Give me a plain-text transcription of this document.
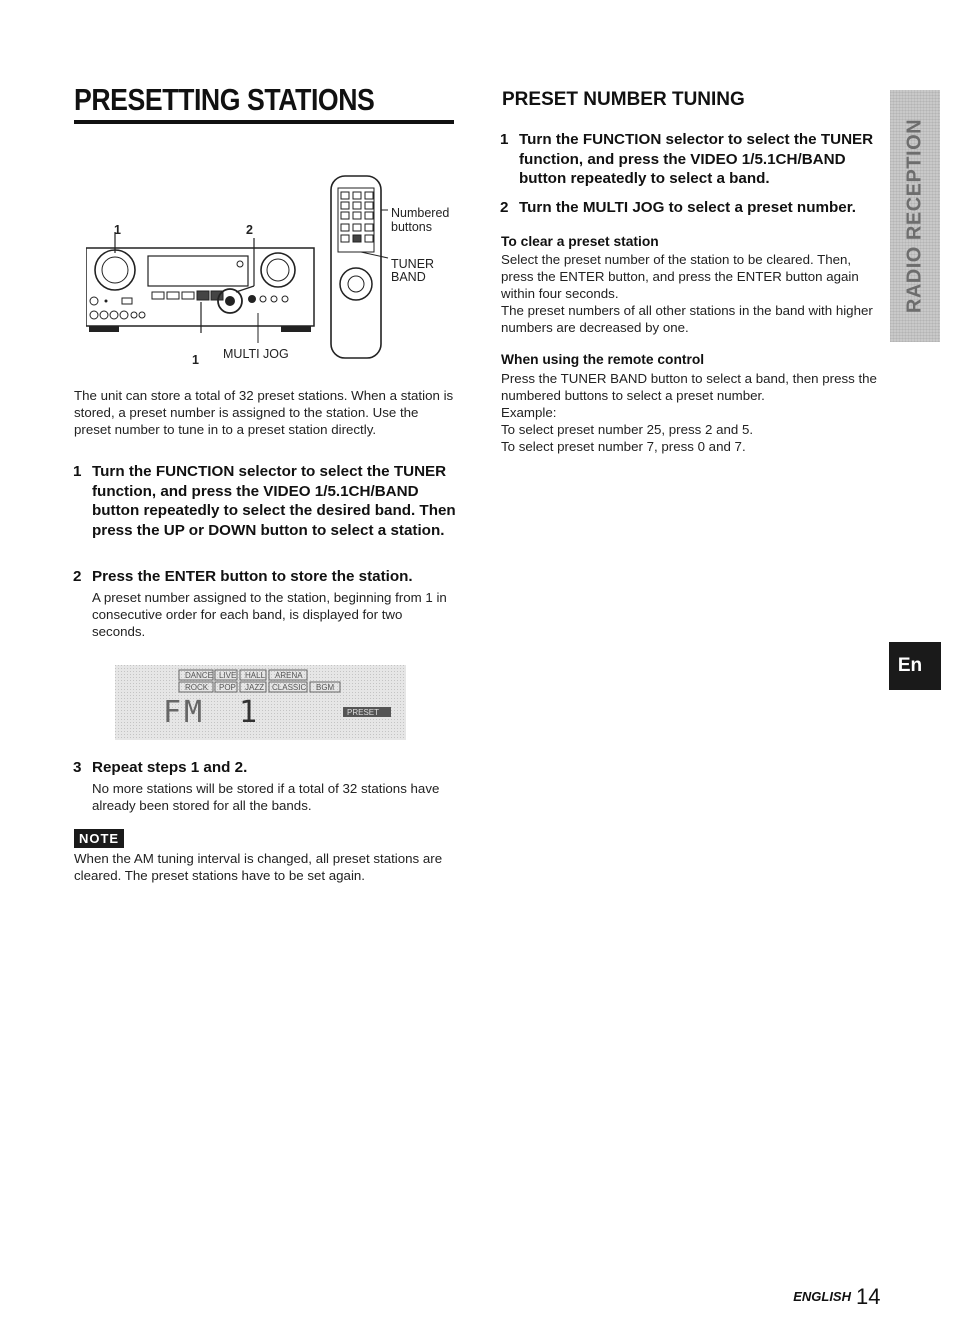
PRESETTING STATIONS
1	2
1
Numbered
buttons
TUNER
BAND
MULTI JOG

The unit can store a total of 32 preset stations. When a station is stored, a preset number is assigned to the station. Use the preset number to tune in to a preset station directly.

1 Turn the FUNCTION selector to select the TUNER function, and press the VIDEO 1/5.1CH/BAND button repeatedly to select the desired band. Then press the UP or DOWN button to select a station.

2 Press the ENTER button to store the station.

A preset number assigned to the station, beginning from 1 in consecutive order for each band, is displayed for two seconds.

DANCE LIVE HALL ARENA
ROCK POP JAZZ CLASSIC BGM
FM 1	PRESET
3 Repeat steps 1 and 2.

No more stations will be stored if a total of 32 stations have already been stored for all the bands.

NOTE

When the AM tuning interval is changed, all preset stations are cleared. The preset stations have to be set again.

PRESET NUMBER TUNING
1 Turn the FUNCTION selector to select the TUNER function, and press the VIDEO 1/5.1CH/BAND button repeatedly to select a band.

2 Turn the MULTI JOG to select a preset number.

To clear a preset station

Select the preset number of the station to be cleared. Then, press the ENTER button, and press the ENTER button again within four seconds.

The preset numbers of all other stations in the band with higher numbers are decreased by one.

When using the remote control

Press the TUNER BAND button to select a band, then press the numbered buttons to select a preset number.

Example:

To select preset number 25, press 2 and 5.

To select preset number 7, press 0 and 7.

RADIO RECEPTION
En
ENGLISH 14
